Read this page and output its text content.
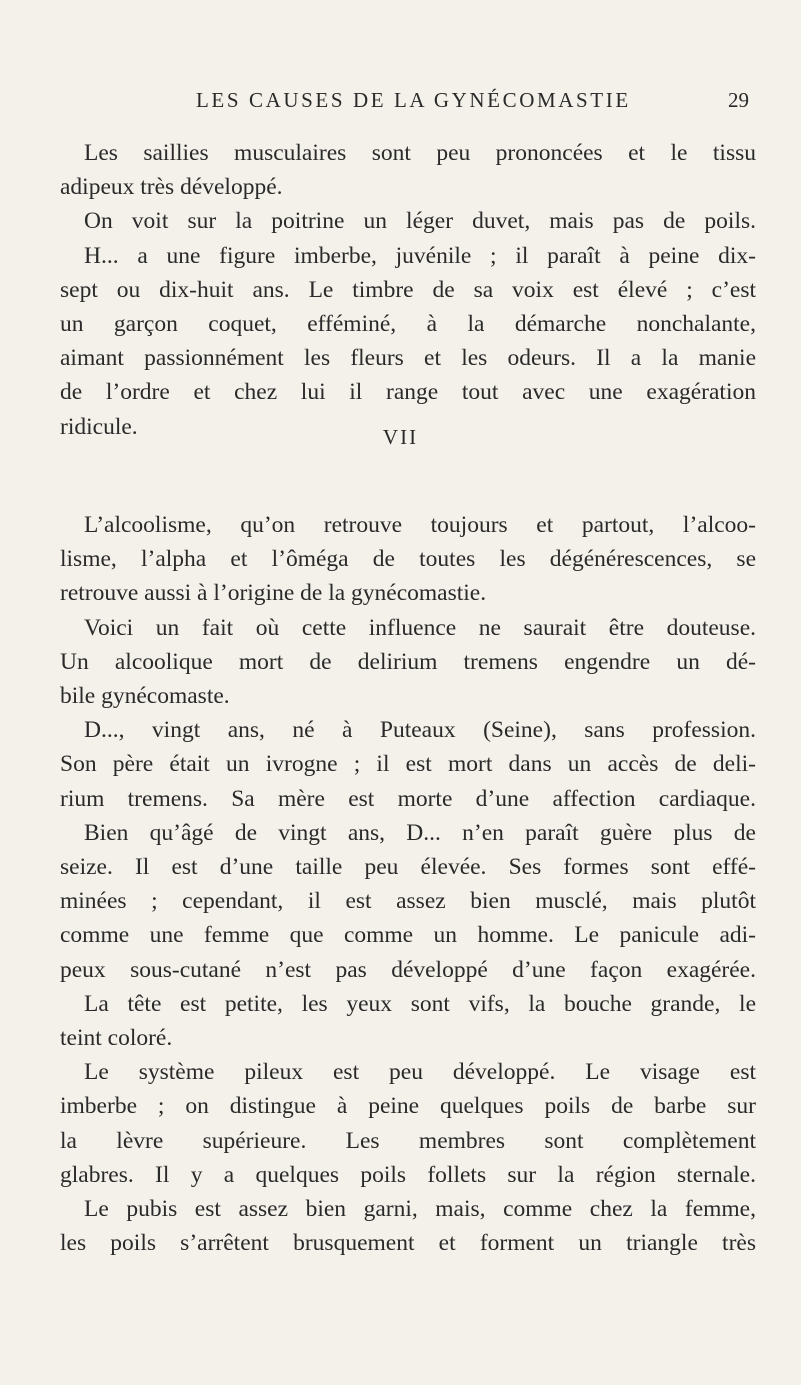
LES CAUSES DE LA GYNÉCOMASTIE	29
Les saillies musculaires sont peu prononcées et le tissu
adipeux très développé.
On voit sur la poitrine un léger duvet, mais pas de poils.
H... a une figure imberbe, juvénile ; il paraît à peine dix-
sept ou dix-huit ans. Le timbre de sa voix est élevé ; c’est
un garçon coquet, efféminé, à la démarche nonchalante,
aimant passionnément les fleurs et les odeurs. Il a la manie
de l’ordre et chez lui il range tout avec une exagération
ridicule.	VII
L’alcoolisme, qu’on retrouve toujours et partout, l’alcoo-
lisme, l’alpha et l’ôméga de toutes les dégénérescences, se
retrouve aussi à l’origine de la gynécomastie.
Voici un fait où cette influence ne saurait être douteuse.
Un alcoolique mort de delirium tremens engendre un dé-
bile gynécomaste.
D..., vingt ans, né à Puteaux (Seine), sans profession.
Son père était un ivrogne ; il est mort dans un accès de deli-
rium tremens. Sa mère est morte d’une affection cardiaque.
Bien qu’âgé de vingt ans, D... n’en paraît guère plus de
seize. Il est d’une taille peu élevée. Ses formes sont effé-
minées ; cependant, il est assez bien musclé, mais plutôt
comme une femme que comme un homme. Le panicule adi-
peux sous-cutané n’est pas développé d’une façon exagérée.
La tête est petite, les yeux sont vifs, la bouche grande, le
teint coloré.
Le système pileux est peu développé. Le visage est
imberbe ; on distingue à peine quelques poils de barbe sur
la lèvre supérieure. Les membres sont complètement
glabres. Il y a quelques poils follets sur la région sternale.
Le pubis est assez bien garni, mais, comme chez la femme,
les poils s’arrêtent brusquement et forment un triangle très
